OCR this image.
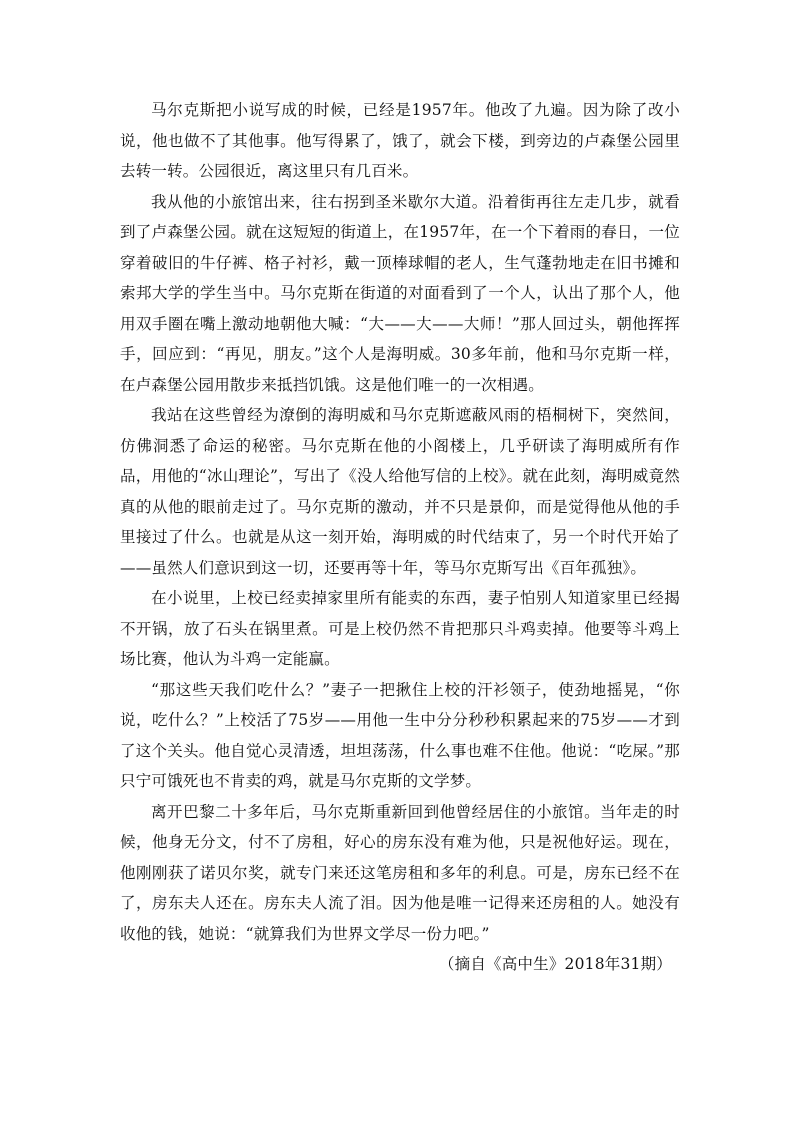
马尔克斯把小说写成的时候，已经是1957年。他改了九遍。因为除了改小说，他也做不了其他事。他写得累了，饿了，就会下楼，到旁边的卢森堡公园里去转一转。公园很近，离这里只有几百米。

我从他的小旅馆出来，往右拐到圣米歇尔大道。沿着街再往左走几步，就看到了卢森堡公园。就在这短短的街道上，在1957年，在一个下着雨的春日，一位穿着破旧的牛仔裤、格子衬衫，戴一顶棒球帽的老人，生气蓬勃地走在旧书摊和索邦大学的学生当中。马尔克斯在街道的对面看到了一个人，认出了那个人，他用双手圈在嘴上激动地朝他大喊：“大——大——大师！”那人回过头，朝他挥挥手，回应到：“再见，朋友。”这个人是海明威。30多年前，他和马尔克斯一样，在卢森堡公园用散步来抵挡饥饿。这是他们唯一的一次相遇。

我站在这些曾经为潦倒的海明威和马尔克斯遮蔽风雨的梧桐树下，突然间，仿佛洞悉了命运的秘密。马尔克斯在他的小阁楼上，几乎研读了海明威所有作品，用他的“冰山理论”，写出了《没人给他写信的上校》。就在此刻，海明威竟然真的从他的眼前走过了。马尔克斯的激动，并不只是景仰，而是觉得他从他的手里接过了什么。也就是从这一刻开始，海明威的时代结束了，另一个时代开始了——虽然人们意识到这一切，还要再等十年，等马尔克斯写出《百年孤独》。

在小说里，上校已经卖掉家里所有能卖的东西，妻子怕别人知道家里已经揭不开锅，放了石头在锅里煮。可是上校仍然不肯把那只斗鸡卖掉。他要等斗鸡上场比赛，他认为斗鸡一定能赢。

“那这些天我们吃什么？”妻子一把揪住上校的汗衫领子，使劲地摇晃，“你说，吃什么？”上校活了75岁——用他一生中分分秒秒积累起来的75岁——才到了这个关头。他自觉心灵清透，坦坦荡荡，什么事也难不住他。他说：“吃屎。”那只宁可饿死也不肯卖的鸡，就是马尔克斯的文学梦。

离开巴黎二十多年后，马尔克斯重新回到他曾经居住的小旅馆。当年走的时候，他身无分文，付不了房租，好心的房东没有难为他，只是祝他好运。现在，他刚刚获了诺贝尔奖，就专门来还这笔房租和多年的利息。可是，房东已经不在了，房东夫人还在。房东夫人流了泪。因为他是唯一记得来还房租的人。她没有收他的钱，她说：“就算我们为世界文学尽一份力吧。”

（摘自《高中生》2018年31期）
